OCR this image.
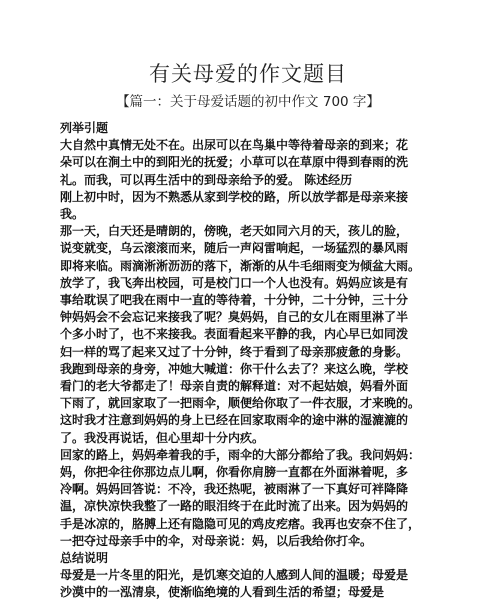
有关母爱的作文题目
【篇一：关于母爱话题的初中作文 700 字】

列举引题

大自然中真情无处不在。出尿可以在鸟巢中等待着母亲的到来；花
朵可以在涧土中的到阳光的抚爱；小草可以在草原中得到春雨的洗
礼。而我，可以再生活中的到母亲给予的爱。 陈述经历

刚上初中时，因为不熟悉从家到学校的路，所以放学都是母亲来接
我。

那一天，白天还是晴朗的，傍晚，老天如同六月的天，孩儿的脸，
说变就变，乌云滚滚而来，随后一声闷雷响起，一场猛烈的暴风雨
即将来临。雨滴淅淅沥沥的落下，渐渐的从牛毛细雨变为倾盆大雨。

放学了，我飞奔出校园，可是校门口一个人也没有。妈妈应该是有
事给耽误了吧我在雨中一直的等待着，十分钟，二十分钟，三十分
钟妈妈会不会忘记来接我了呢？臭妈妈，自己的女儿在雨里淋了半
个多小时了，也不来接我。表面看起来平静的我，内心早已如同泼
妇一样的骂了起来又过了十分钟，终于看到了母亲那疲惫的身影。

我跑到母亲的身旁，冲她大喊道：你干什么去了？来这么晚，学校
看门的老大爷都走了！母亲自责的解释道：对不起姑娘，妈看外面
下雨了，就回家取了一把雨伞，顺便给你取了一件衣服，才来晚的。
这时我才注意到妈妈的身上已经在回家取雨伞的途中淋的湿漉漉的
了。我没再说话，但心里却十分内疚。

回家的路上，妈妈牵着我的手，雨伞的大部分都给了我。我问妈妈：
妈，你把伞往你那边点儿啊，你看你肩膀一直都在外面淋着呢，多
冷啊。妈妈回答说：不冷，我还热呢，被雨淋了一下真好可袢降降
温，凉快凉快我整了一路的眼泪终于在此时流了出来。因为妈妈的
手是冰凉的，胳膊上还有隐隐可见的鸡皮疙瘩。我再也安奈不住了，
一把夺过母亲手中的伞，对母亲说：妈，以后我给你打伞。

总结说明

母爱是一片冬里的阳光，是饥寒交迫的人感到人间的温暖；母爱是
沙漠中的一泓清泉，使渐临绝境的人看到生活的希望；母爱是
